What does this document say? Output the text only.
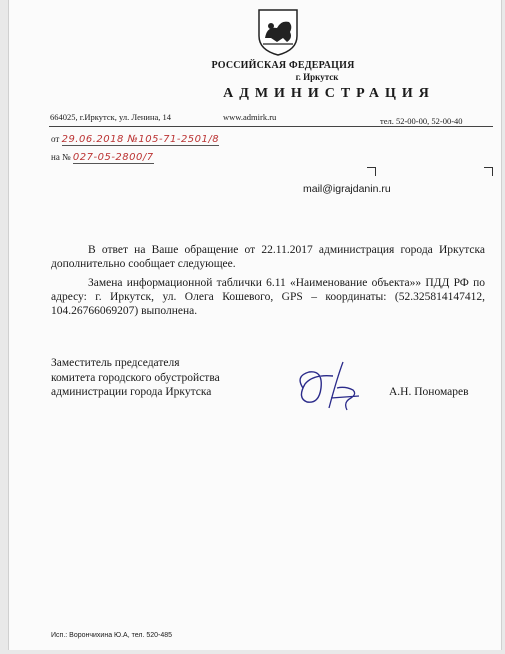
РОССИЙСКАЯ ФЕДЕРАЦИЯ
г. Иркутск
АДМИНИСТРАЦИЯ
664025, г.Иркутск, ул. Ленина, 14	www.admirk.ru	тел. 52-00-00, 52-00-40
от 29.06.2018 №105-71-2501/8
на № 027-05-2800/7
mail@igrajdanin.ru
В ответ на Ваше обращение от 22.11.2017 администрация города Иркутска дополнительно сообщает следующее.
Замена информационной таблички 6.11 «Наименование объекта»» ПДД РФ по адресу: г. Иркутск, ул. Олега Кошевого, GPS – координаты: (52.325814147412, 104.26766069207) выполнена.
Заместитель председателя
комитета городского обустройства
администрации города Иркутска	А.Н. Пономарев
Исп.: Ворончихина Ю.А, тел. 520-485
